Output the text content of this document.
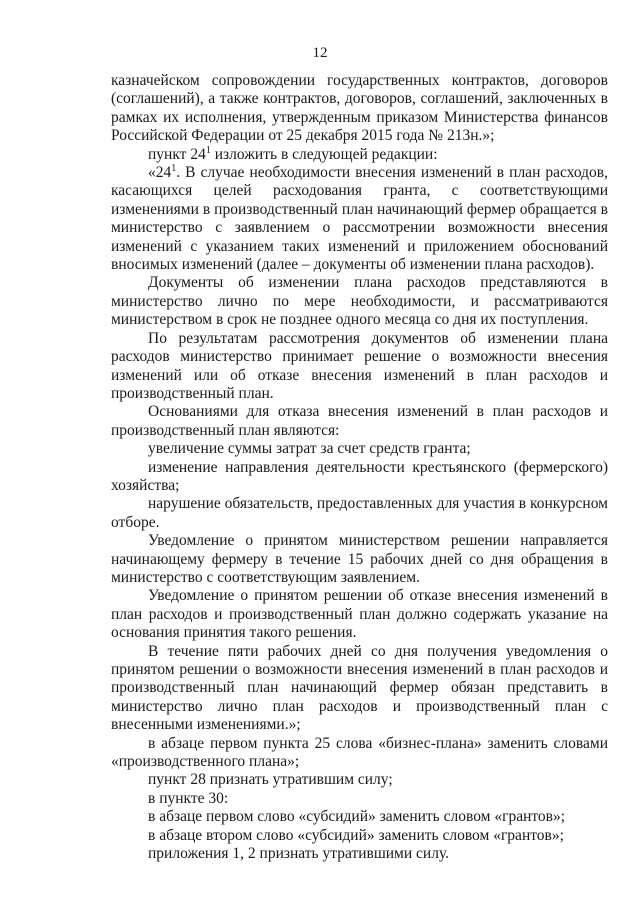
12

казначейском сопровождении государственных контрактов, договоров (соглашений), а также контрактов, договоров, соглашений, заключенных в рамках их исполнения, утвержденным приказом Министерства финансов Российской Федерации от 25 декабря 2015 года № 213н.»;

пункт $24^1$ изложить в следующей редакции:

«$24^1$. В случае необходимости внесения изменений в план расходов, касающихся целей расходования гранта, с соответствующими изменениями в производственный план начинающий фермер обращается в министерство с заявлением о рассмотрении возможности внесения изменений с указанием таких изменений и приложением обоснований вносимых изменений (далее – документы об изменении плана расходов).

Документы об изменении плана расходов представляются в министерство лично по мере необходимости, и рассматриваются министерством в срок не позднее одного месяца со дня их поступления.

По результатам рассмотрения документов об изменении плана расходов министерство принимает решение о возможности внесения изменений или об отказе внесения изменений в план расходов и производственный план.

Основаниями для отказа внесения изменений в план расходов и производственный план являются:

увеличение суммы затрат за счет средств гранта;

изменение направления деятельности крестьянского (фермерского) хозяйства;

нарушение обязательств, предоставленных для участия в конкурсном отборе.

Уведомление о принятом министерством решении направляется начинающему фермеру в течение 15 рабочих дней со дня обращения в министерство с соответствующим заявлением.

Уведомление о принятом решении об отказе внесения изменений в план расходов и производственный план должно содержать указание на основания принятия такого решения.

В течение пяти рабочих дней со дня получения уведомления о принятом решении о возможности внесения изменений в план расходов и производственный план начинающий фермер обязан представить в министерство лично план расходов и производственный план с внесенными изменениями.»;

в абзаце первом пункта 25 слова «бизнес-плана» заменить словами «производственного плана»;

пункт 28 признать утратившим силу;

в пункте 30:

в абзаце первом слово «субсидий» заменить словом «грантов»;

в абзаце втором слово «субсидий» заменить словом «грантов»;

приложения 1, 2 признать утратившими силу.
